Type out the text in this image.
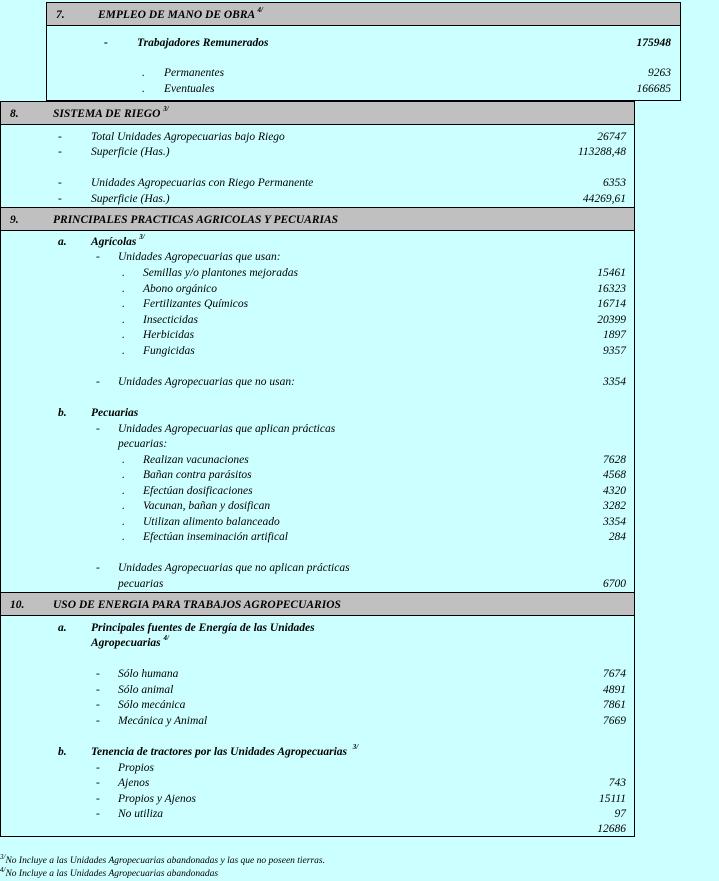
7.	EMPLEO DE MANO DE OBRA $^{4/}$
-	Trabajadores Remunerados	175948
. Permanentes	9263
. Eventuales	166685
8.	SISTEMA DE RIEGO $^{3/}$
-	Total Unidades Agropecuarias bajo Riego	26747
-	Superficie (Has.)	113288,48
-	Unidades Agropecuarias con Riego Permanente	6353
-	Superficie (Has.)	44269,61
9.	PRINCIPALES PRACTICAS AGRICOLAS Y PECUARIAS
a. Agrícolas $^{3/}$
- Unidades Agropecuarias que usan:
. Semillas y/o plantones mejoradas	15461
. Abono orgánico	16323
. Fertilizantes Químicos	16714
. Insecticidas	20399
. Herbicidas	1897
. Fungicidas	9357
- Unidades Agropecuarias que no usan:	3354
b. Pecuarias
- Unidades Agropecuarias que aplican prácticas
pecuarias:
. Realizan vacunaciones	7628
. Bañan contra parásitos	4568
. Efectúan dosificaciones	4320
. Vacunan, bañan y dosifican	3282
. Utilizan alimento balanceado	3354
. Efectúan inseminación artifical	284
- Unidades Agropecuarias que no aplican prácticas
pecuarias	6700
10. USO DE ENERGIA PARA TRABAJOS AGROPECUARIOS
a. Principales fuentes de Energía de las Unidades
Agropecuarias $^{4/}$
- Sólo humana	7674
- Sólo animal	4891
- Sólo mecánica	7861
- Mecánica y Animal	7669
b. Tenencia de tractores por las Unidades Agropecuarias $^{3/}$
- Propios
- Ajenos	743
- Propios y Ajenos	15111
- No utiliza	97
12686
$^{3/}$No Incluye a las Unidades Agropecuarias abandonadas y las que no poseen tierras.
$^{4/}$No Incluye a las Unidades Agropecuarias abandonadas
